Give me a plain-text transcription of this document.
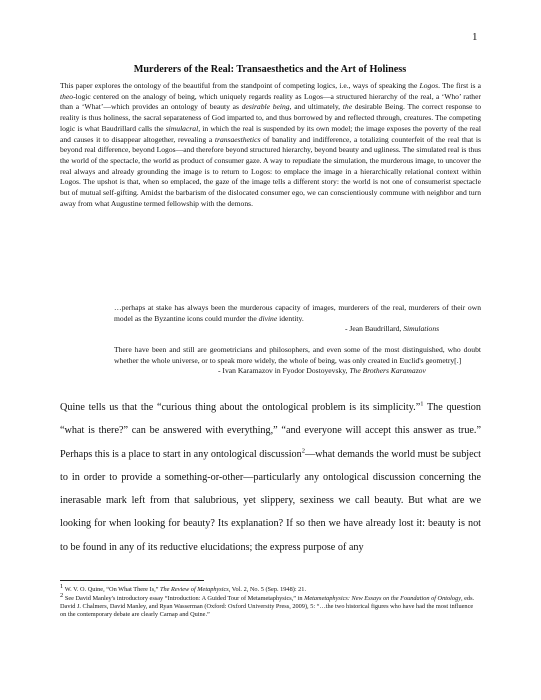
1
Murderers of the Real: Transaesthetics and the Art of Holiness

This paper explores the ontology of the beautiful from the standpoint of competing logics, i.e., ways of speaking the Logos. The first is a theo-logic centered on the analogy of being, which uniquely regards reality as Logos—a structured hierarchy of the real, a ‘Who’ rather than a ‘What’—which provides an ontology of beauty as desirable being, and ultimately, the desirable Being. The correct response to reality is thus holiness, the sacral separateness of God imparted to, and thus borrowed by and reflected through, creatures. The competing logic is what Baudrillard calls the simulacral, in which the real is suspended by its own model; the image exposes the poverty of the real and causes it to disappear altogether, revealing a transaesthetics of banality and indifference, a totalizing counterfeit of the real that is beyond real difference, beyond Logos—and therefore beyond structured hierarchy, beyond beauty and ugliness. The simulated real is thus the world of the spectacle, the world as product of consumer gaze. A way to repudiate the simulation, the murderous image, to uncover the real always and already grounding the image is to return to Logos: to emplace the image in a hierarchically relational context within Logos. The upshot is that, when so emplaced, the gaze of the image tells a different story: the world is not one of consumerist spectacle but of mutual self-gifting. Amidst the barbarism of the dislocated consumer ego, we can conscientiously commune with neighbor and turn away from what Augustine termed fellowship with the demons.

…perhaps at stake has always been the murderous capacity of images, murderers of the real, murderers of their own model as the Byzantine icons could murder the divine identity.

- Jean Baudrillard, Simulations

There have been and still are geometricians and philosophers, and even some of the most distinguished, who doubt whether the whole universe, or to speak more widely, the whole of being, was only created in Euclid's geometry[.]

- Ivan Karamazov in Fyodor Dostoyevsky, The Brothers Karamazov

Quine tells us that the “curious thing about the ontological problem is its simplicity.”$^1$ The question “what is there?” can be answered with everything,” “and everyone will accept this answer as true.” Perhaps this is a place to start in any ontological discussion$^2$—what demands the world must be subject to in order to provide a something-or-other—particularly any ontological discussion concerning the inerasable mark left from that salubrious, yet slippery, sexiness we call beauty. But what are we looking for when looking for beauty? Its explanation? If so then we have already lost it: beauty is not to be found in any of its reductive elucidations; the express purpose of any

$^1$ W. V. O. Quine, “On What There Is,” The Review of Metaphysics, Vol. 2, No. 5 (Sep. 1948): 21.

$^2$ See David Manley's introductory essay “Introduction: A Guided Tour of Metametaphysics,” in Metametaphysics: New Essays on the Foundation of Ontology, eds. David J. Chalmers, David Manley, and Ryan Wasserman (Oxford: Oxford University Press, 2009), 5: “…the two historical figures who have had the most influence on the contemporary debate are clearly Carnap and Quine.”
